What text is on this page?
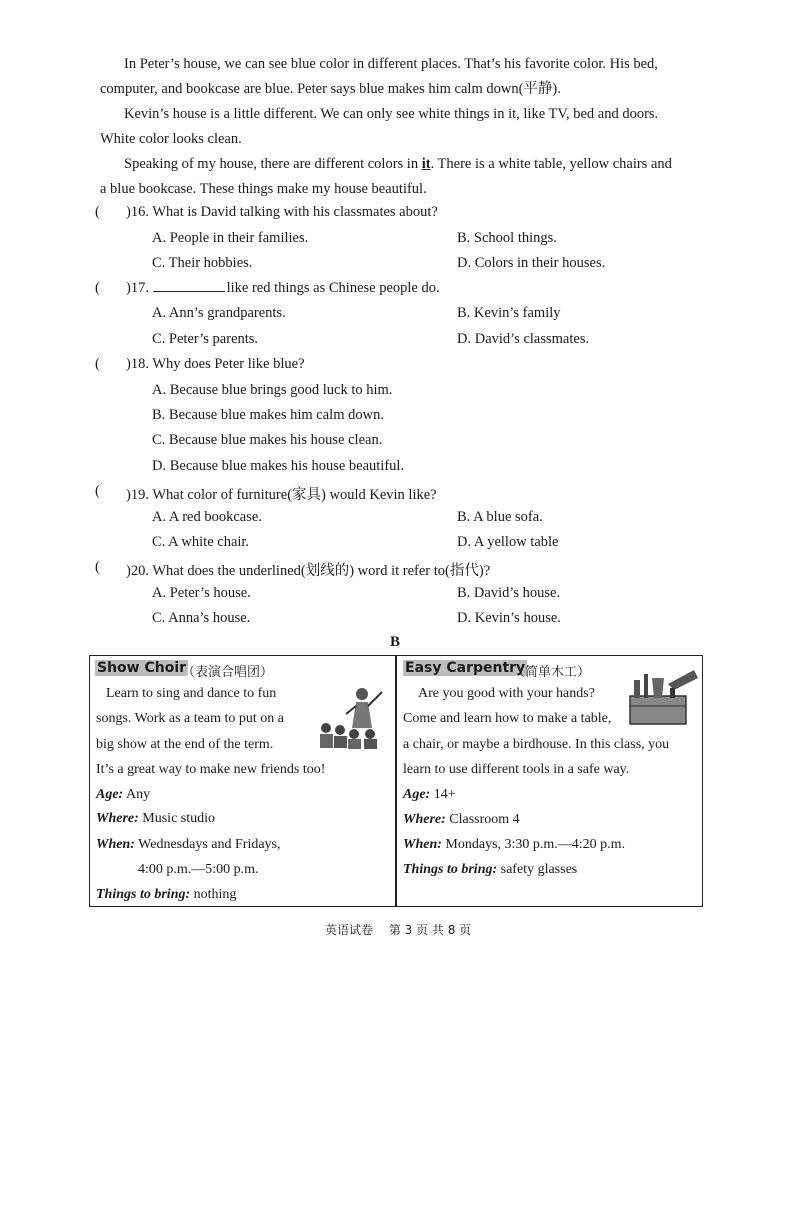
In Peter’s house, we can see blue color in different places. That’s his favorite color. His bed,
computer, and bookcase are blue. Peter says blue makes him calm down(平静).
Kevin’s house is a little different. We can only see white things in it, like TV, bed and doors.
White color looks clean.
Speaking of my house, there are different colors in it. There is a white table, yellow chairs and
a blue bookcase. These things make my house beautiful.
( )16. What is David talking with his classmates about?
A. People in their families.	B. School things.
C. Their hobbies.	D. Colors in their houses.
( )17.	like red things as Chinese people do.
A. Ann’s grandparents.	B. Kevin’s family
C. Peter’s parents.	D. David’s classmates.
( )18. Why does Peter like blue?
A. Because blue brings good luck to him.
B. Because blue makes him calm down.
C. Because blue makes his house clean.
D. Because blue makes his house beautiful.
( )19. What color of furniture(家具) would Kevin like?
A. A red bookcase.	B. A blue sofa.
C. A white chair.	D. A yellow table
( )20. What does the underlined(划线的) word it refer to(指代)?
A. Peter’s house.	B. David’s house.
C. Anna’s house.	D. Kevin’s house.
B
Show Choir
（表演合唱团）
Learn to sing and dance to fun
songs. Work as a team to put on a
big show at the end of the term.
It’s a great way to make new friends too!
Age: Any
Where: Music studio
When: Wednesdays and Fridays,
4:00 p.m.—5:00 p.m.
Things to bring: nothing
Easy Carpentry
（简单木工）
Are you good with your hands?
Come and learn how to make a table,
a chair, or maybe a birdhouse. In this class, you
learn to use different tools in a safe way.
Age: 14+
Where: Classroom 4
When: Mondays, 3:30 p.m.—4:20 p.m.
Things to bring: safety glasses
英语试卷　 第 3 页 共 8 页
